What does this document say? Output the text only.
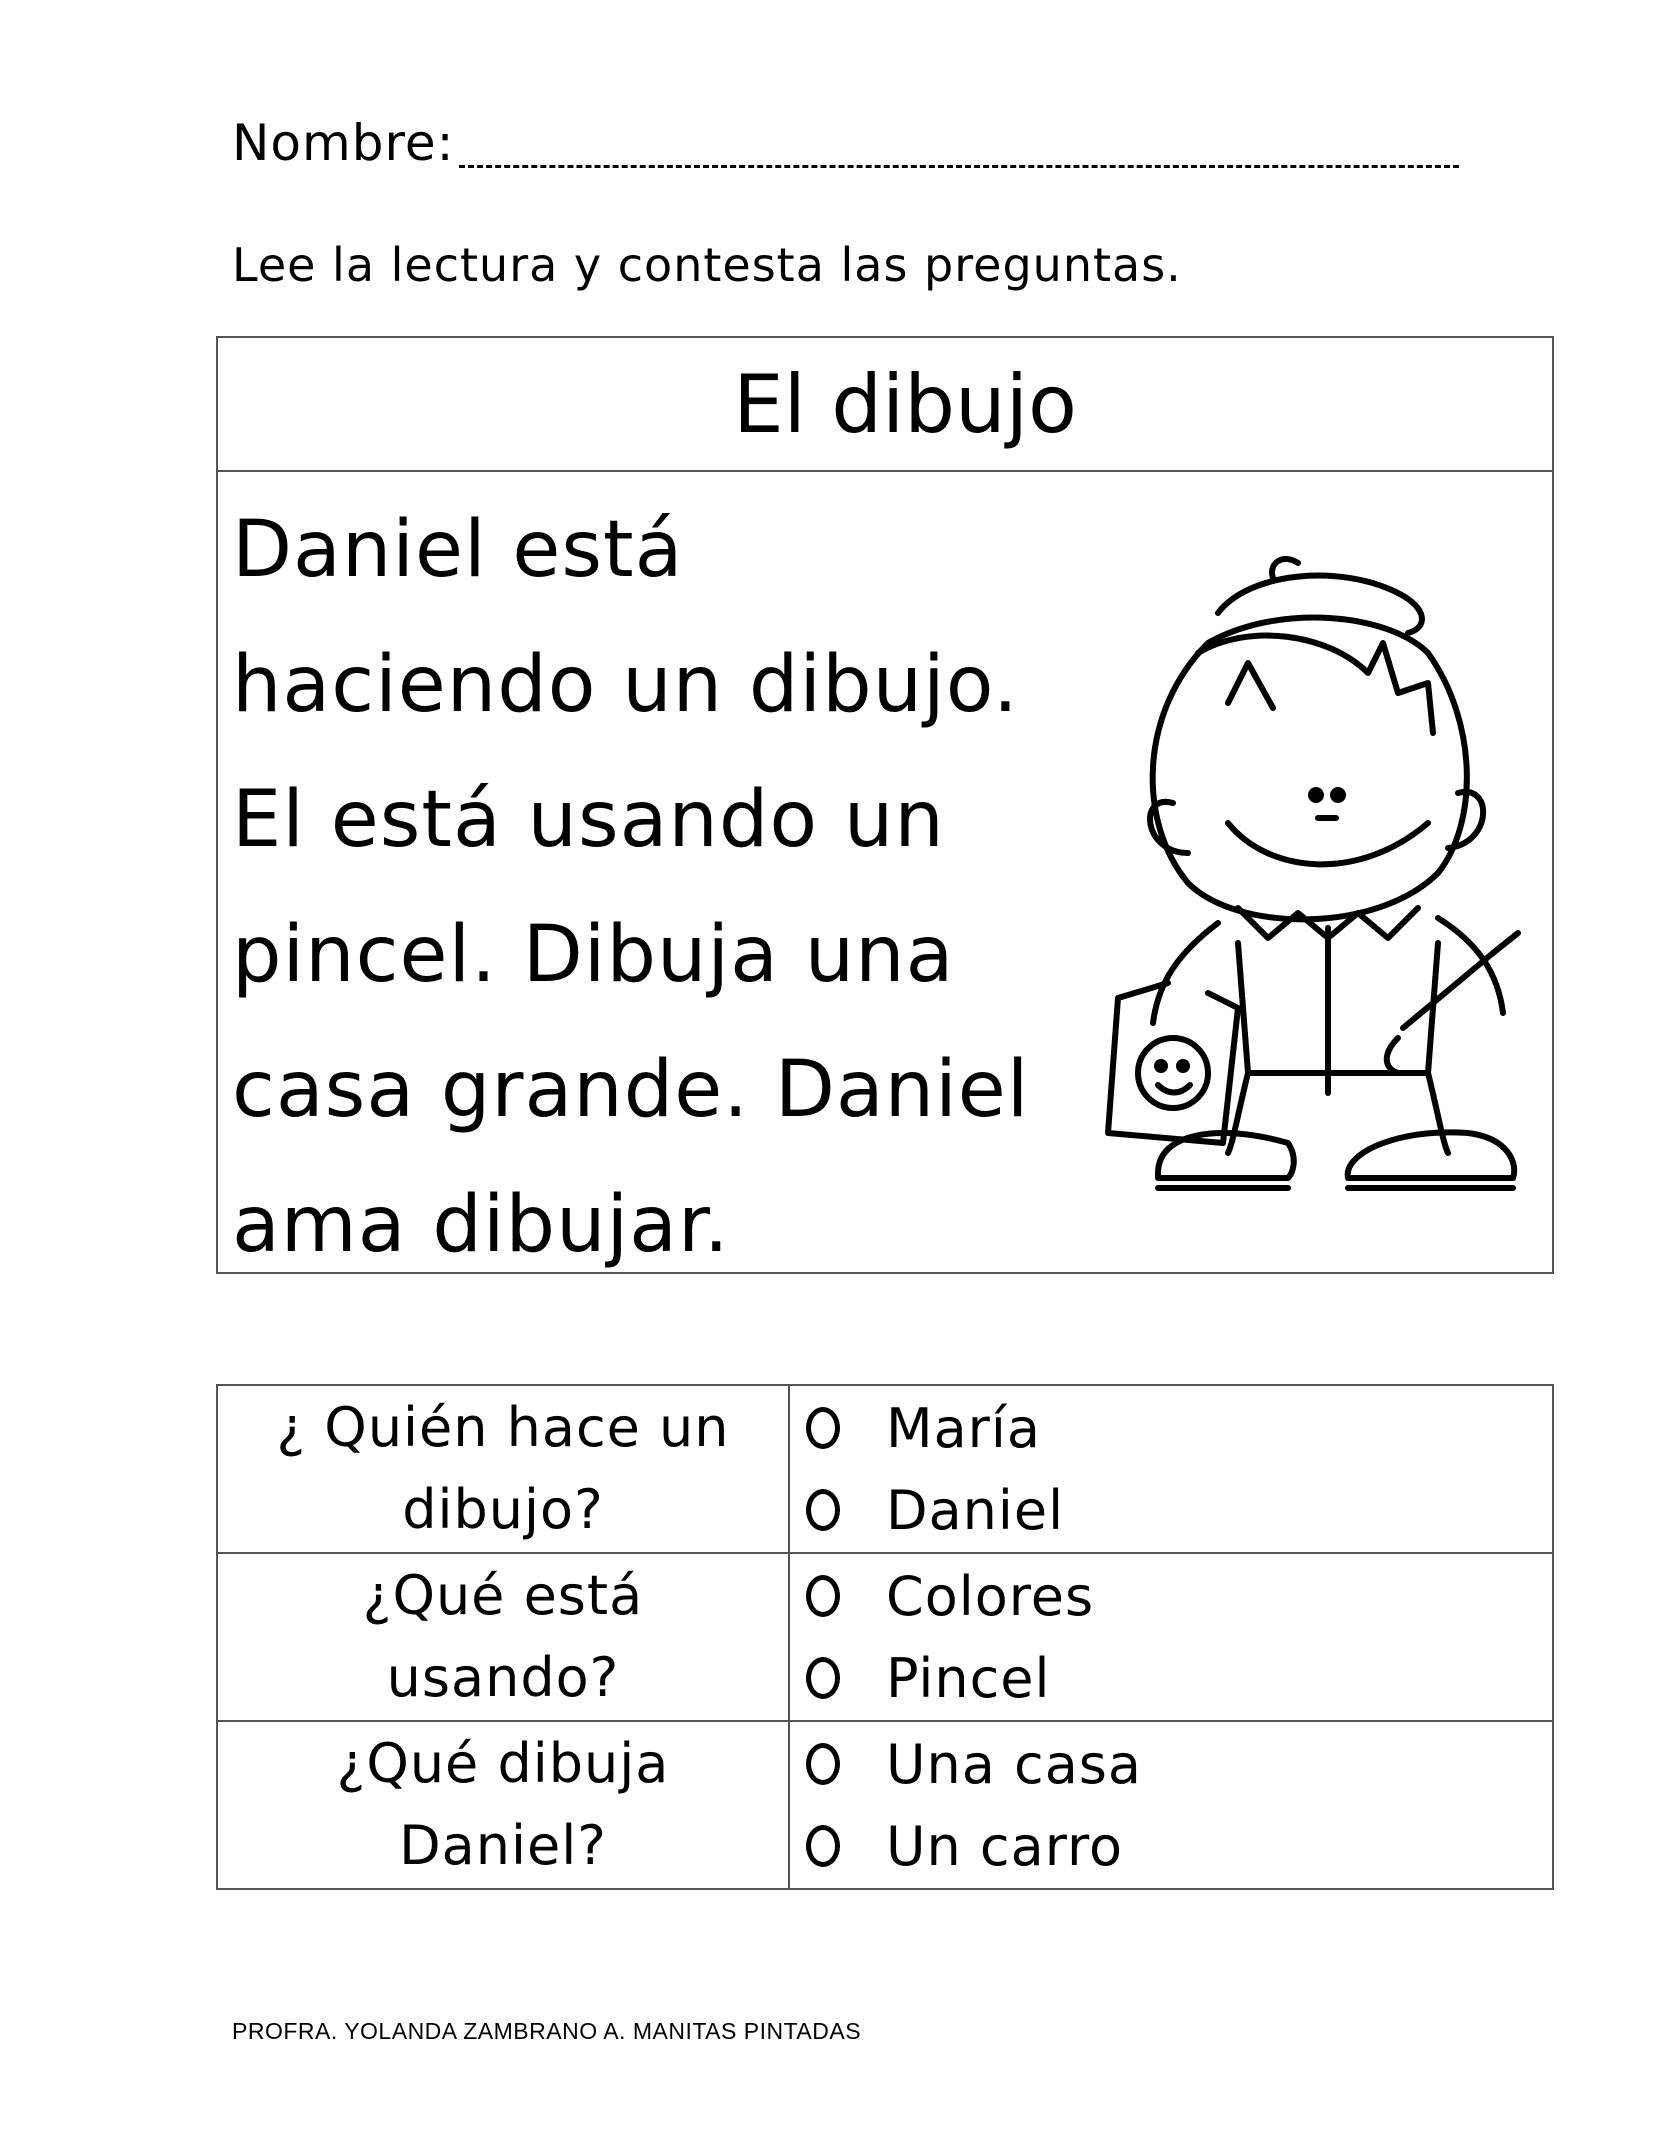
Nombre:
Lee la lectura y contesta las preguntas.
El dibujo
Daniel está
haciendo un dibujo.
El está usando un
pincel. Dibuja una
casa grande. Daniel
ama dibujar.
¿ Quién hace un dibujo?
María
Daniel
¿Qué está usando?
Colores
Pincel
¿Qué dibuja Daniel?
Una casa
Un carro
PROFRA. YOLANDA ZAMBRANO A. MANITAS PINTADAS
